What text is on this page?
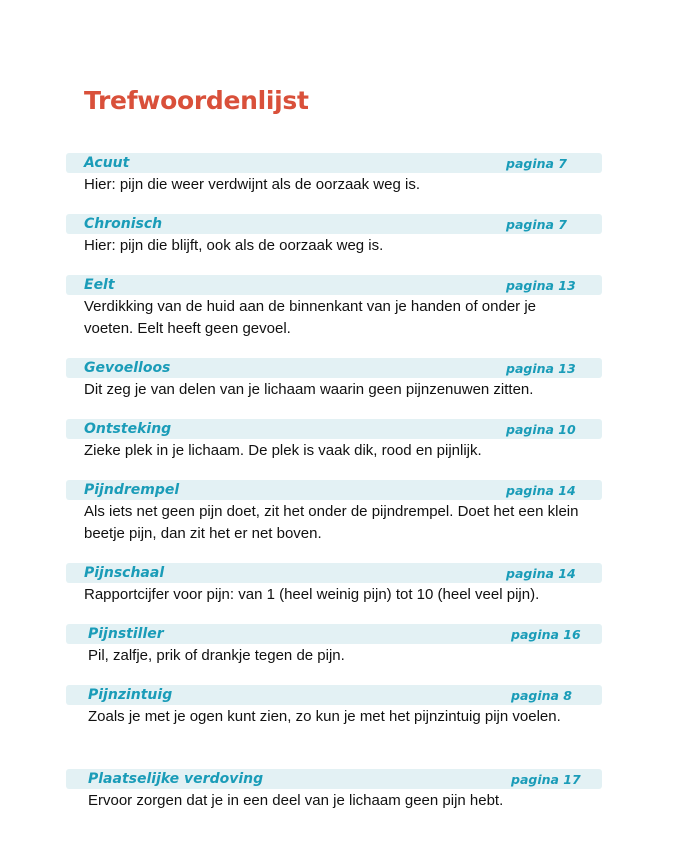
Trefwoordenlijst
Acuut	pagina 7
Hier: pijn die weer verdwijnt als de oorzaak weg is.
Chronisch	pagina 7
Hier: pijn die blijft, ook als de oorzaak weg is.
Eelt	pagina 13
Verdikking van de huid aan de binnenkant van je handen of onder je voeten. Eelt heeft geen gevoel.
Gevoelloos	pagina 13
Dit zeg je van delen van je lichaam waarin geen pijnzenuwen zitten.
Ontsteking	pagina 10
Zieke plek in je lichaam. De plek is vaak dik, rood en pijnlijk.
Pijndrempel	pagina 14
Als iets net geen pijn doet, zit het onder de pijndrempel. Doet het een klein beetje pijn, dan zit het er net boven.
Pijnschaal	pagina 14
Rapportcijfer voor pijn: van 1 (heel weinig pijn) tot 10 (heel veel pijn).
Pijnstiller	pagina 16
Pil, zalfje, prik of drankje tegen de pijn.
Pijnzintuig	pagina 8
Zoals je met je ogen kunt zien, zo kun je met het pijnzintuig pijn voelen.
Plaatselijke verdoving	pagina 17
Ervoor zorgen dat je in een deel van je lichaam geen pijn hebt.
